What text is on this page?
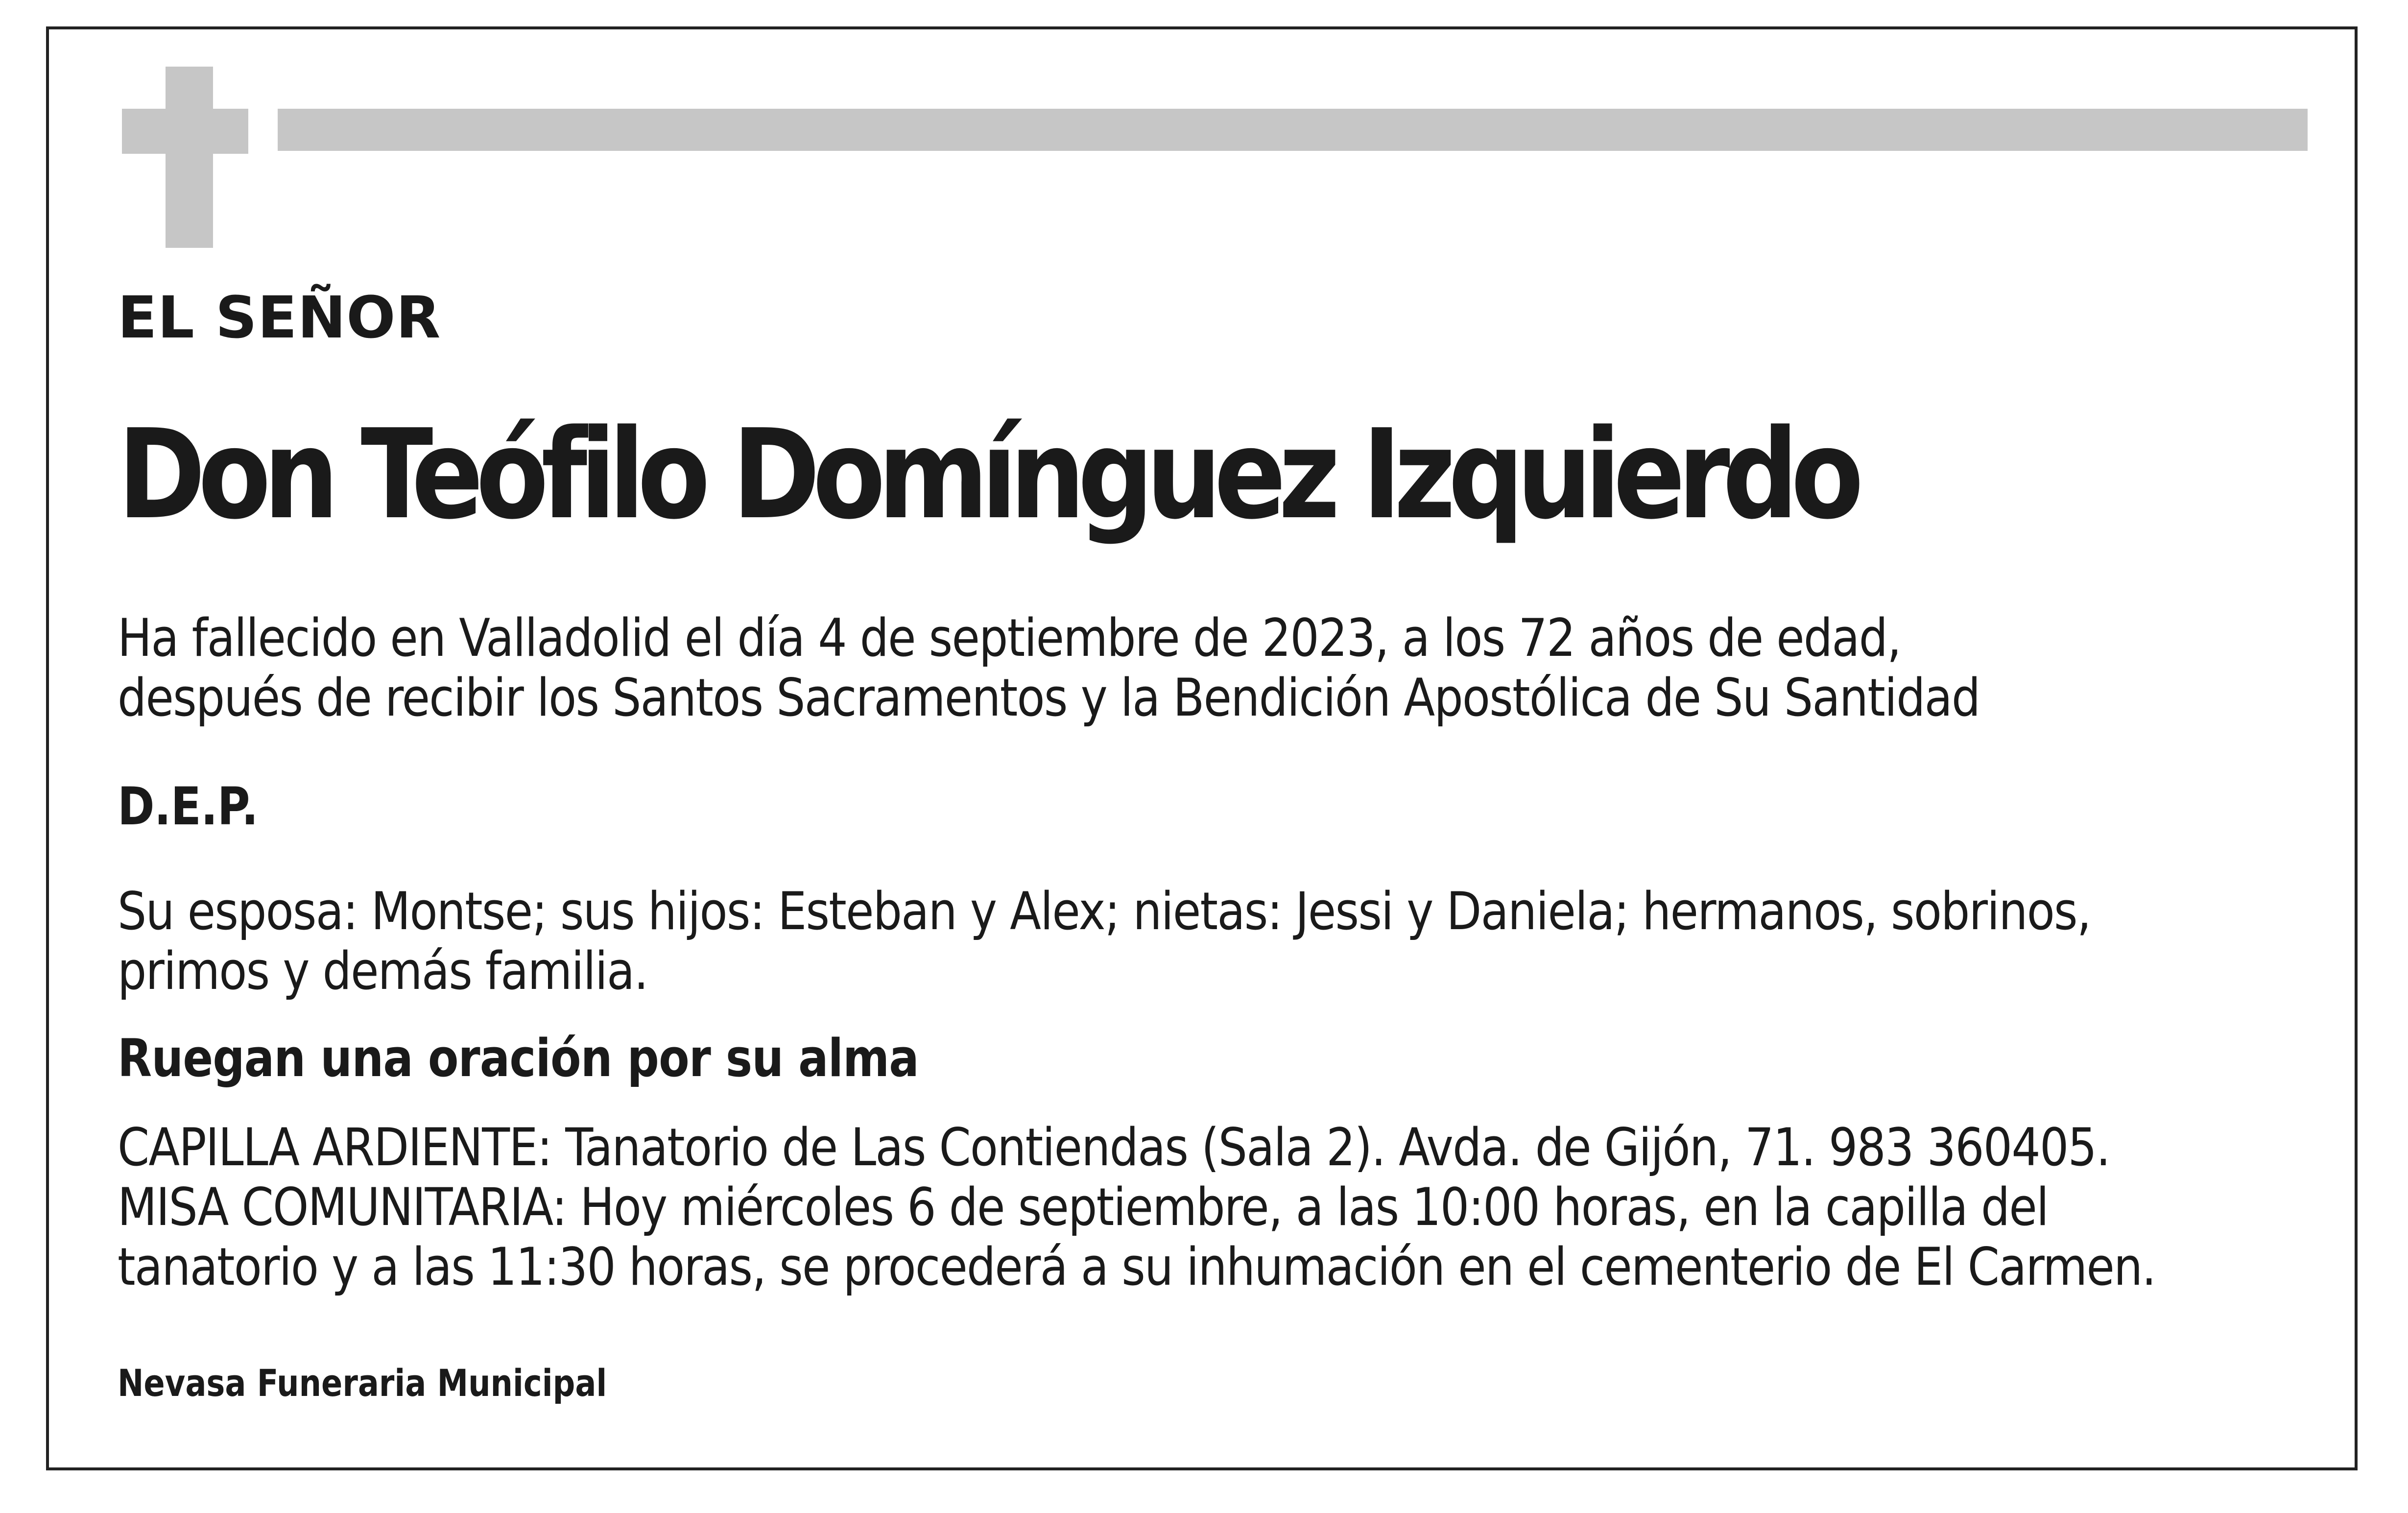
EL SEÑOR
Don Teófilo Domínguez Izquierdo
Ha fallecido en Valladolid el día 4 de septiembre de 2023, a los 72 años de edad,
después de recibir los Santos Sacramentos y la Bendición Apostólica de Su Santidad
D.E.P.
Su esposa: Montse; sus hijos: Esteban y Alex; nietas: Jessi y Daniela; hermanos, sobrinos,
primos y demás familia.
Ruegan una oración por su alma
CAPILLA ARDIENTE: Tanatorio de Las Contiendas (Sala 2). Avda. de Gijón, 71. 983 360405.
MISA COMUNITARIA: Hoy miércoles 6 de septiembre, a las 10:00 horas, en la capilla del
tanatorio y a las 11:30 horas, se procederá a su inhumación en el cementerio de El Carmen.
Nevasa Funeraria Municipal
